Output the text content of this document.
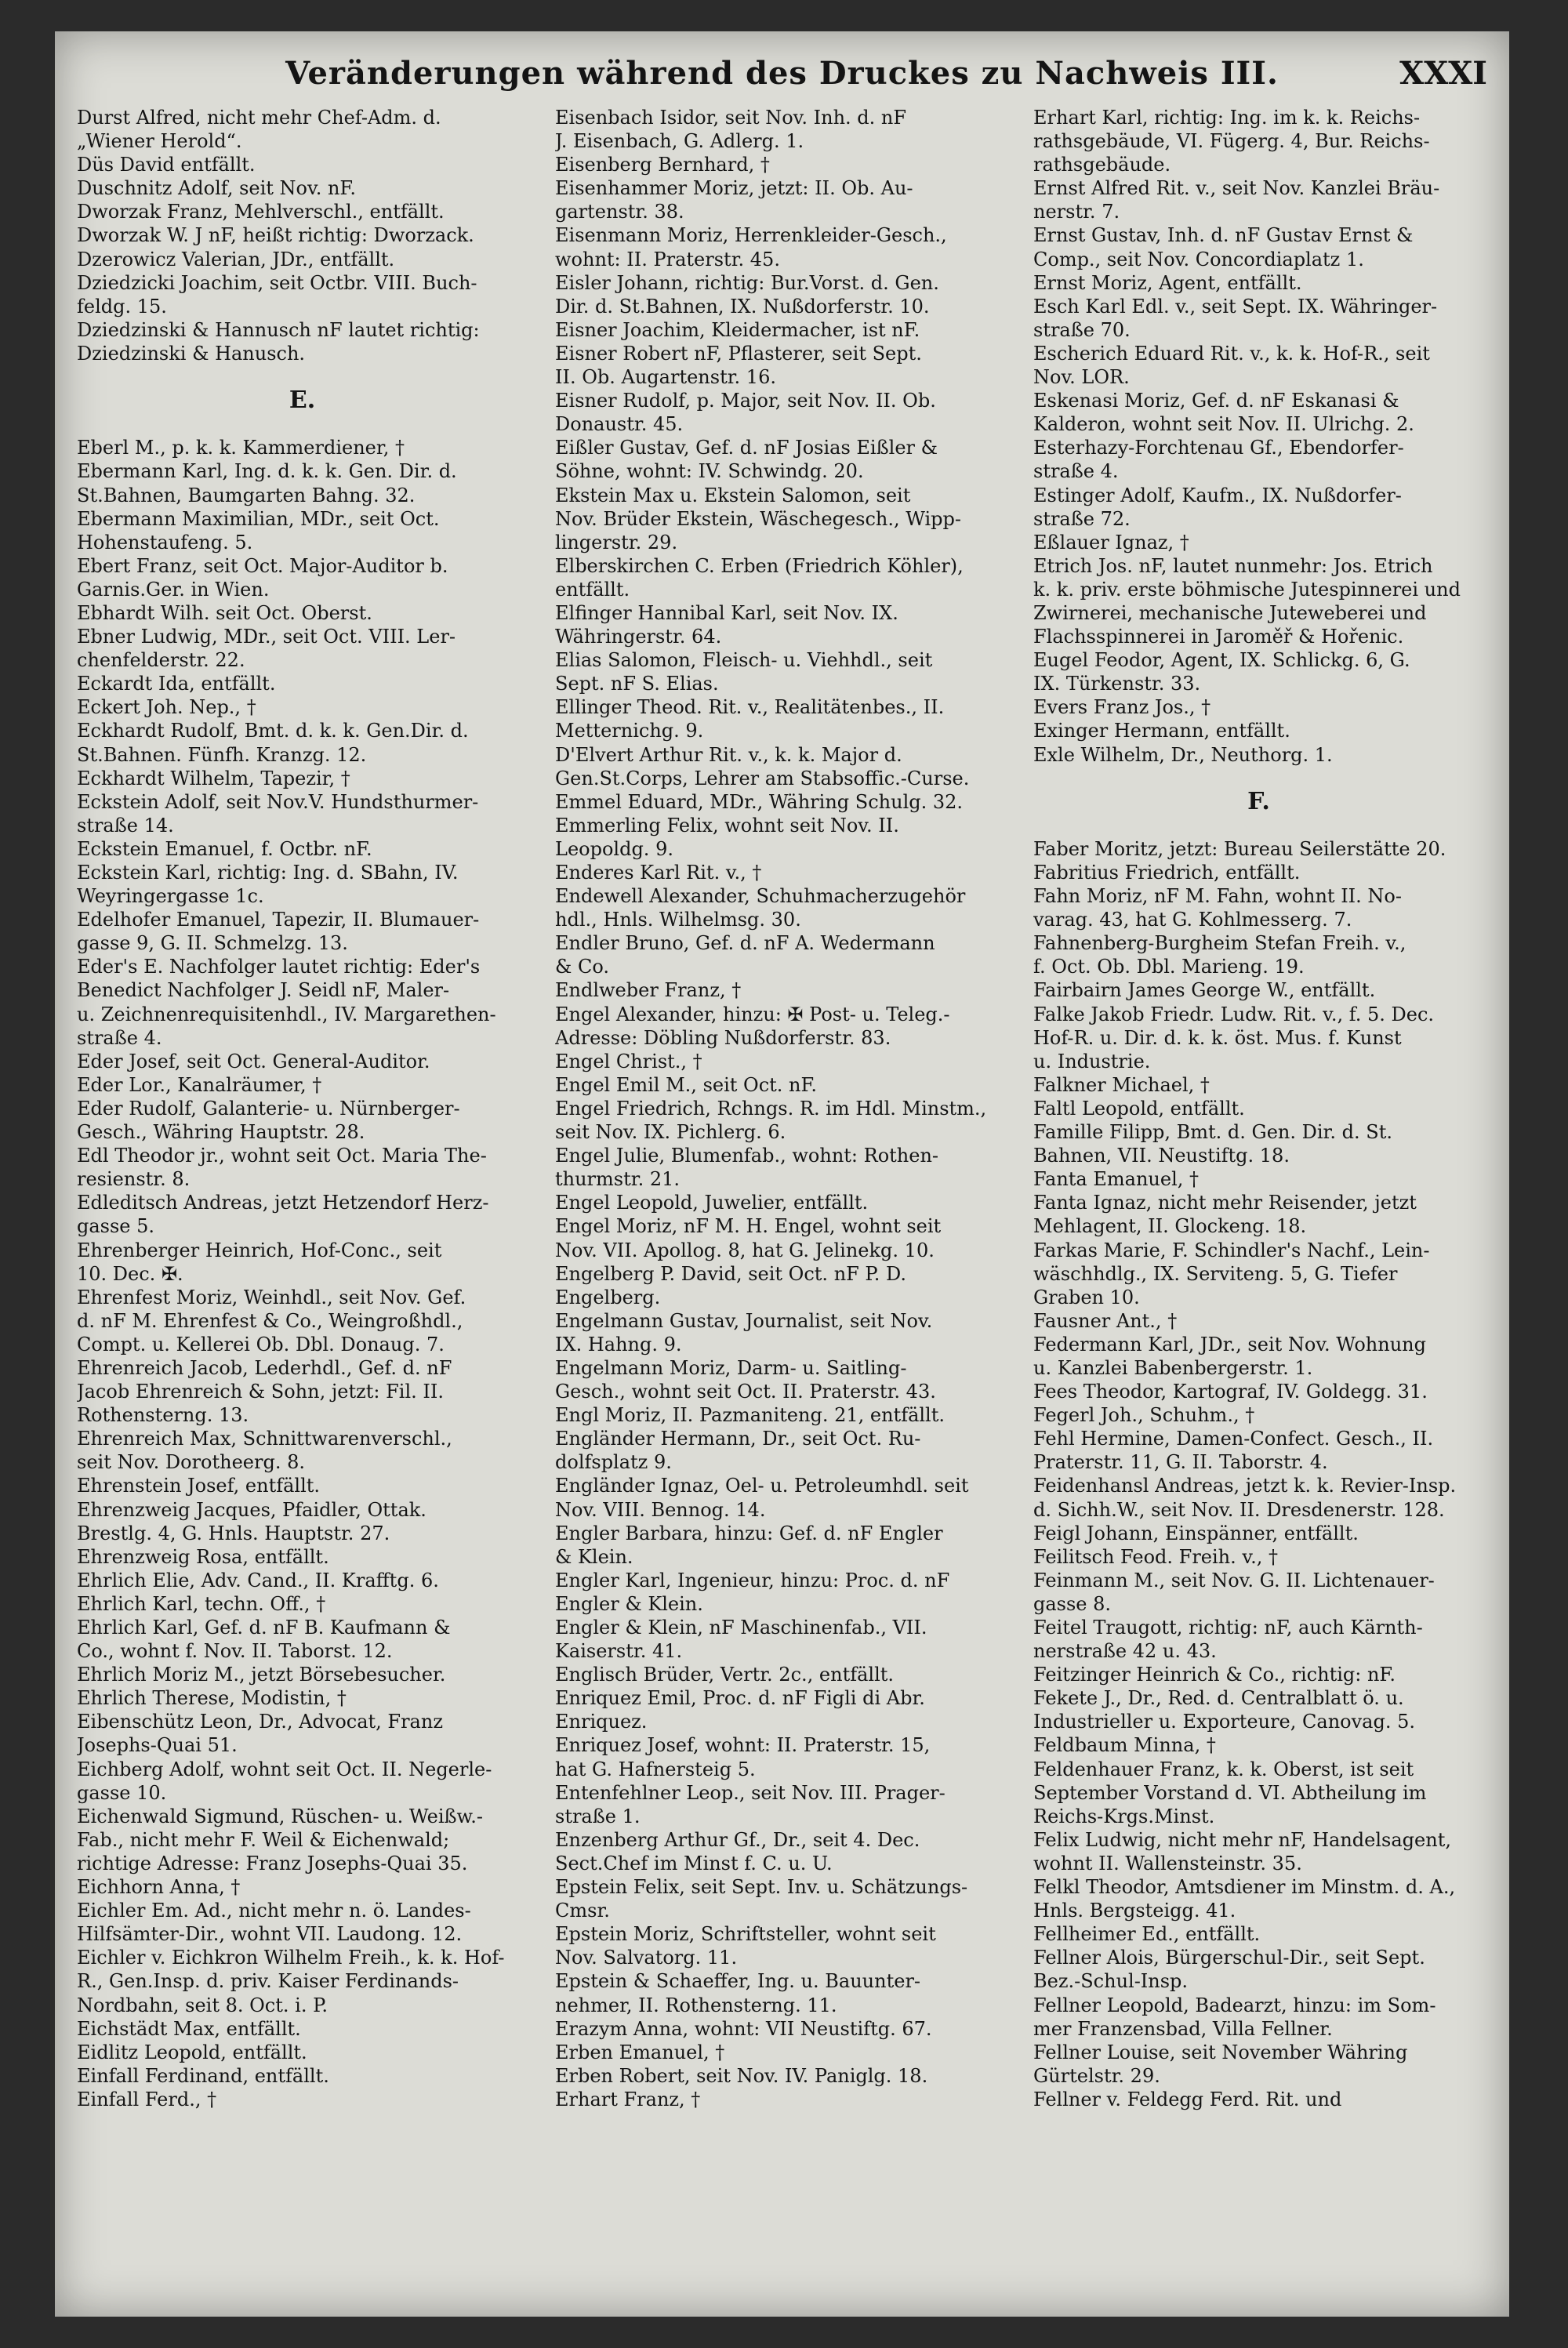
Veränderungen während des Druckes zu Nachweis III.	XXXI
Durst Alfred, nicht mehr Chef-Adm. d.
„Wiener Herold“.
Düs David entfällt.
Duschnitz Adolf, seit Nov. nF.
Dworzak Franz, Mehlverschl., entfällt.
Dworzak W. J nF, heißt richtig: Dworzack.
Dzerowicz Valerian, JDr., entfällt.
Dziedzicki Joachim, seit Octbr. VIII. Buch-
feldg. 15.
Dziedzinski & Hannusch nF lautet richtig:
Dziedzinski & Hanusch.
E.
Eberl M., p. k. k. Kammerdiener, †
Ebermann Karl, Ing. d. k. k. Gen. Dir. d.
St.Bahnen, Baumgarten Bahng. 32.
Ebermann Maximilian, MDr., seit Oct.
Hohenstaufeng. 5.
Ebert Franz, seit Oct. Major-Auditor b.
Garnis.Ger. in Wien.
Ebhardt Wilh. seit Oct. Oberst.
Ebner Ludwig, MDr., seit Oct. VIII. Ler-
chenfelderstr. 22.
Eckardt Ida, entfällt.
Eckert Joh. Nep., †
Eckhardt Rudolf, Bmt. d. k. k. Gen.Dir. d.
St.Bahnen. Fünfh. Kranzg. 12.
Eckhardt Wilhelm, Tapezir, †
Eckstein Adolf, seit Nov.V. Hundsthurmer-
straße 14.
Eckstein Emanuel, f. Octbr. nF.
Eckstein Karl, richtig: Ing. d. SBahn, IV.
Weyringergasse 1c.
Edelhofer Emanuel, Tapezir, II. Blumauer-
gasse 9, G. II. Schmelzg. 13.
Eder's E. Nachfolger lautet richtig: Eder's
Benedict Nachfolger J. Seidl nF, Maler-
u. Zeichnenrequisitenhdl., IV. Margarethen-
straße 4.
Eder Josef, seit Oct. General-Auditor.
Eder Lor., Kanalräumer, †
Eder Rudolf, Galanterie- u. Nürnberger-
Gesch., Währing Hauptstr. 28.
Edl Theodor jr., wohnt seit Oct. Maria The-
resienstr. 8.
Edleditsch Andreas, jetzt Hetzendorf Herz-
gasse 5.
Ehrenberger Heinrich, Hof-Conc., seit
10. Dec. ✠.
Ehrenfest Moriz, Weinhdl., seit Nov. Gef.
d. nF M. Ehrenfest & Co., Weingroßhdl.,
Compt. u. Kellerei Ob. Dbl. Donaug. 7.
Ehrenreich Jacob, Lederhdl., Gef. d. nF
Jacob Ehrenreich & Sohn, jetzt: Fil. II.
Rothensterng. 13.
Ehrenreich Max, Schnittwarenverschl.,
seit Nov. Dorotheerg. 8.
Ehrenstein Josef, entfällt.
Ehrenzweig Jacques, Pfaidler, Ottak.
Brestlg. 4, G. Hnls. Hauptstr. 27.
Ehrenzweig Rosa, entfällt.
Ehrlich Elie, Adv. Cand., II. Krafftg. 6.
Ehrlich Karl, techn. Off., †
Ehrlich Karl, Gef. d. nF B. Kaufmann &
Co., wohnt f. Nov. II. Taborst. 12.
Ehrlich Moriz M., jetzt Börsebesucher.
Ehrlich Therese, Modistin, †
Eibenschütz Leon, Dr., Advocat, Franz
Josephs-Quai 51.
Eichberg Adolf, wohnt seit Oct. II. Negerle-
gasse 10.
Eichenwald Sigmund, Rüschen- u. Weißw.-
Fab., nicht mehr F. Weil & Eichenwald;
richtige Adresse: Franz Josephs-Quai 35.
Eichhorn Anna, †
Eichler Em. Ad., nicht mehr n. ö. Landes-
Hilfsämter-Dir., wohnt VII. Laudong. 12.
Eichler v. Eichkron Wilhelm Freih., k. k. Hof-
R., Gen.Insp. d. priv. Kaiser Ferdinands-
Nordbahn, seit 8. Oct. i. P.
Eichstädt Max, entfällt.
Eidlitz Leopold, entfällt.
Einfall Ferdinand, entfällt.
Einfall Ferd., †
Eisenbach Isidor, seit Nov. Inh. d. nF
J. Eisenbach, G. Adlerg. 1.
Eisenberg Bernhard, †
Eisenhammer Moriz, jetzt: II. Ob. Au-
gartenstr. 38.
Eisenmann Moriz, Herrenkleider-Gesch.,
wohnt: II. Praterstr. 45.
Eisler Johann, richtig: Bur.Vorst. d. Gen.
Dir. d. St.Bahnen, IX. Nußdorferstr. 10.
Eisner Joachim, Kleidermacher, ist nF.
Eisner Robert nF, Pflasterer, seit Sept.
II. Ob. Augartenstr. 16.
Eisner Rudolf, p. Major, seit Nov. II. Ob.
Donaustr. 45.
Eißler Gustav, Gef. d. nF Josias Eißler &
Söhne, wohnt: IV. Schwindg. 20.
Ekstein Max u. Ekstein Salomon, seit
Nov. Brüder Ekstein, Wäschegesch., Wipp-
lingerstr. 29.
Elberskirchen C. Erben (Friedrich Köhler),
entfällt.
Elfinger Hannibal Karl, seit Nov. IX.
Währingerstr. 64.
Elias Salomon, Fleisch- u. Viehhdl., seit
Sept. nF S. Elias.
Ellinger Theod. Rit. v., Realitätenbes., II.
Metternichg. 9.
D'Elvert Arthur Rit. v., k. k. Major d.
Gen.St.Corps, Lehrer am Stabsoffic.-Curse.
Emmel Eduard, MDr., Währing Schulg. 32.
Emmerling Felix, wohnt seit Nov. II.
Leopoldg. 9.
Enderes Karl Rit. v., †
Endewell Alexander, Schuhmacherzugehör
hdl., Hnls. Wilhelmsg. 30.
Endler Bruno, Gef. d. nF A. Wedermann
& Co.
Endlweber Franz, †
Engel Alexander, hinzu: ✠ Post- u. Teleg.-
Adresse: Döbling Nußdorferstr. 83.
Engel Christ., †
Engel Emil M., seit Oct. nF.
Engel Friedrich, Rchngs. R. im Hdl. Minstm.,
seit Nov. IX. Pichlerg. 6.
Engel Julie, Blumenfab., wohnt: Rothen-
thurmstr. 21.
Engel Leopold, Juwelier, entfällt.
Engel Moriz, nF M. H. Engel, wohnt seit
Nov. VII. Apollog. 8, hat G. Jelinekg. 10.
Engelberg P. David, seit Oct. nF P. D.
Engelberg.
Engelmann Gustav, Journalist, seit Nov.
IX. Hahng. 9.
Engelmann Moriz, Darm- u. Saitling-
Gesch., wohnt seit Oct. II. Praterstr. 43.
Engl Moriz, II. Pazmaniteng. 21, entfällt.
Engländer Hermann, Dr., seit Oct. Ru-
dolfsplatz 9.
Engländer Ignaz, Oel- u. Petroleumhdl. seit
Nov. VIII. Bennog. 14.
Engler Barbara, hinzu: Gef. d. nF Engler
& Klein.
Engler Karl, Ingenieur, hinzu: Proc. d. nF
Engler & Klein.
Engler & Klein, nF Maschinenfab., VII.
Kaiserstr. 41.
Englisch Brüder, Vertr. 2c., entfällt.
Enriquez Emil, Proc. d. nF Figli di Abr.
Enriquez.
Enriquez Josef, wohnt: II. Praterstr. 15,
hat G. Hafnersteig 5.
Entenfehlner Leop., seit Nov. III. Prager-
straße 1.
Enzenberg Arthur Gf., Dr., seit 4. Dec.
Sect.Chef im Minst f. C. u. U.
Epstein Felix, seit Sept. Inv. u. Schätzungs-
Cmsr.
Epstein Moriz, Schriftsteller, wohnt seit
Nov. Salvatorg. 11.
Epstein & Schaeffer, Ing. u. Bauunter-
nehmer, II. Rothensterng. 11.
Erazym Anna, wohnt: VII Neustiftg. 67.
Erben Emanuel, †
Erben Robert, seit Nov. IV. Paniglg. 18.
Erhart Franz, †
Erhart Karl, richtig: Ing. im k. k. Reichs-
rathsgebäude, VI. Fügerg. 4, Bur. Reichs-
rathsgebäude.
Ernst Alfred Rit. v., seit Nov. Kanzlei Bräu-
nerstr. 7.
Ernst Gustav, Inh. d. nF Gustav Ernst &
Comp., seit Nov. Concordiaplatz 1.
Ernst Moriz, Agent, entfällt.
Esch Karl Edl. v., seit Sept. IX. Währinger-
straße 70.
Escherich Eduard Rit. v., k. k. Hof-R., seit
Nov. LOR.
Eskenasi Moriz, Gef. d. nF Eskanasi &
Kalderon, wohnt seit Nov. II. Ulrichg. 2.
Esterhazy-Forchtenau Gf., Ebendorfer-
straße 4.
Estinger Adolf, Kaufm., IX. Nußdorfer-
straße 72.
Eßlauer Ignaz, †
Etrich Jos. nF, lautet nunmehr: Jos. Etrich
k. k. priv. erste böhmische Jutespinnerei und
Zwirnerei, mechanische Juteweberei und
Flachsspinnerei in Jaroměř & Hořenic.
Eugel Feodor, Agent, IX. Schlickg. 6, G.
IX. Türkenstr. 33.
Evers Franz Jos., †
Exinger Hermann, entfällt.
Exle Wilhelm, Dr., Neuthorg. 1.
F.
Faber Moritz, jetzt: Bureau Seilerstätte 20.
Fabritius Friedrich, entfällt.
Fahn Moriz, nF M. Fahn, wohnt II. No-
varag. 43, hat G. Kohlmesserg. 7.
Fahnenberg-Burgheim Stefan Freih. v.,
f. Oct. Ob. Dbl. Marieng. 19.
Fairbairn James George W., entfällt.
Falke Jakob Friedr. Ludw. Rit. v., f. 5. Dec.
Hof-R. u. Dir. d. k. k. öst. Mus. f. Kunst
u. Industrie.
Falkner Michael, †
Faltl Leopold, entfällt.
Famille Filipp, Bmt. d. Gen. Dir. d. St.
Bahnen, VII. Neustiftg. 18.
Fanta Emanuel, †
Fanta Ignaz, nicht mehr Reisender, jetzt
Mehlagent, II. Glockeng. 18.
Farkas Marie, F. Schindler's Nachf., Lein-
wäschhdlg., IX. Serviteng. 5, G. Tiefer
Graben 10.
Fausner Ant., †
Federmann Karl, JDr., seit Nov. Wohnung
u. Kanzlei Babenbergerstr. 1.
Fees Theodor, Kartograf, IV. Goldegg. 31.
Fegerl Joh., Schuhm., †
Fehl Hermine, Damen-Confect. Gesch., II.
Praterstr. 11, G. II. Taborstr. 4.
Feidenhansl Andreas, jetzt k. k. Revier-Insp.
d. Sichh.W., seit Nov. II. Dresdenerstr. 128.
Feigl Johann, Einspänner, entfällt.
Feilitsch Feod. Freih. v., †
Feinmann M., seit Nov. G. II. Lichtenauer-
gasse 8.
Feitel Traugott, richtig: nF, auch Kärnth-
nerstraße 42 u. 43.
Feitzinger Heinrich & Co., richtig: nF.
Fekete J., Dr., Red. d. Centralblatt ö. u.
Industrieller u. Exporteure, Canovag. 5.
Feldbaum Minna, †
Feldenhauer Franz, k. k. Oberst, ist seit
September Vorstand d. VI. Abtheilung im
Reichs-Krgs.Minst.
Felix Ludwig, nicht mehr nF, Handelsagent,
wohnt II. Wallensteinstr. 35.
Felkl Theodor, Amtsdiener im Minstm. d. A.,
Hnls. Bergsteigg. 41.
Fellheimer Ed., entfällt.
Fellner Alois, Bürgerschul-Dir., seit Sept.
Bez.-Schul-Insp.
Fellner Leopold, Badearzt, hinzu: im Som-
mer Franzensbad, Villa Fellner.
Fellner Louise, seit November Währing
Gürtelstr. 29.
Fellner v. Feldegg Ferd. Rit. und
